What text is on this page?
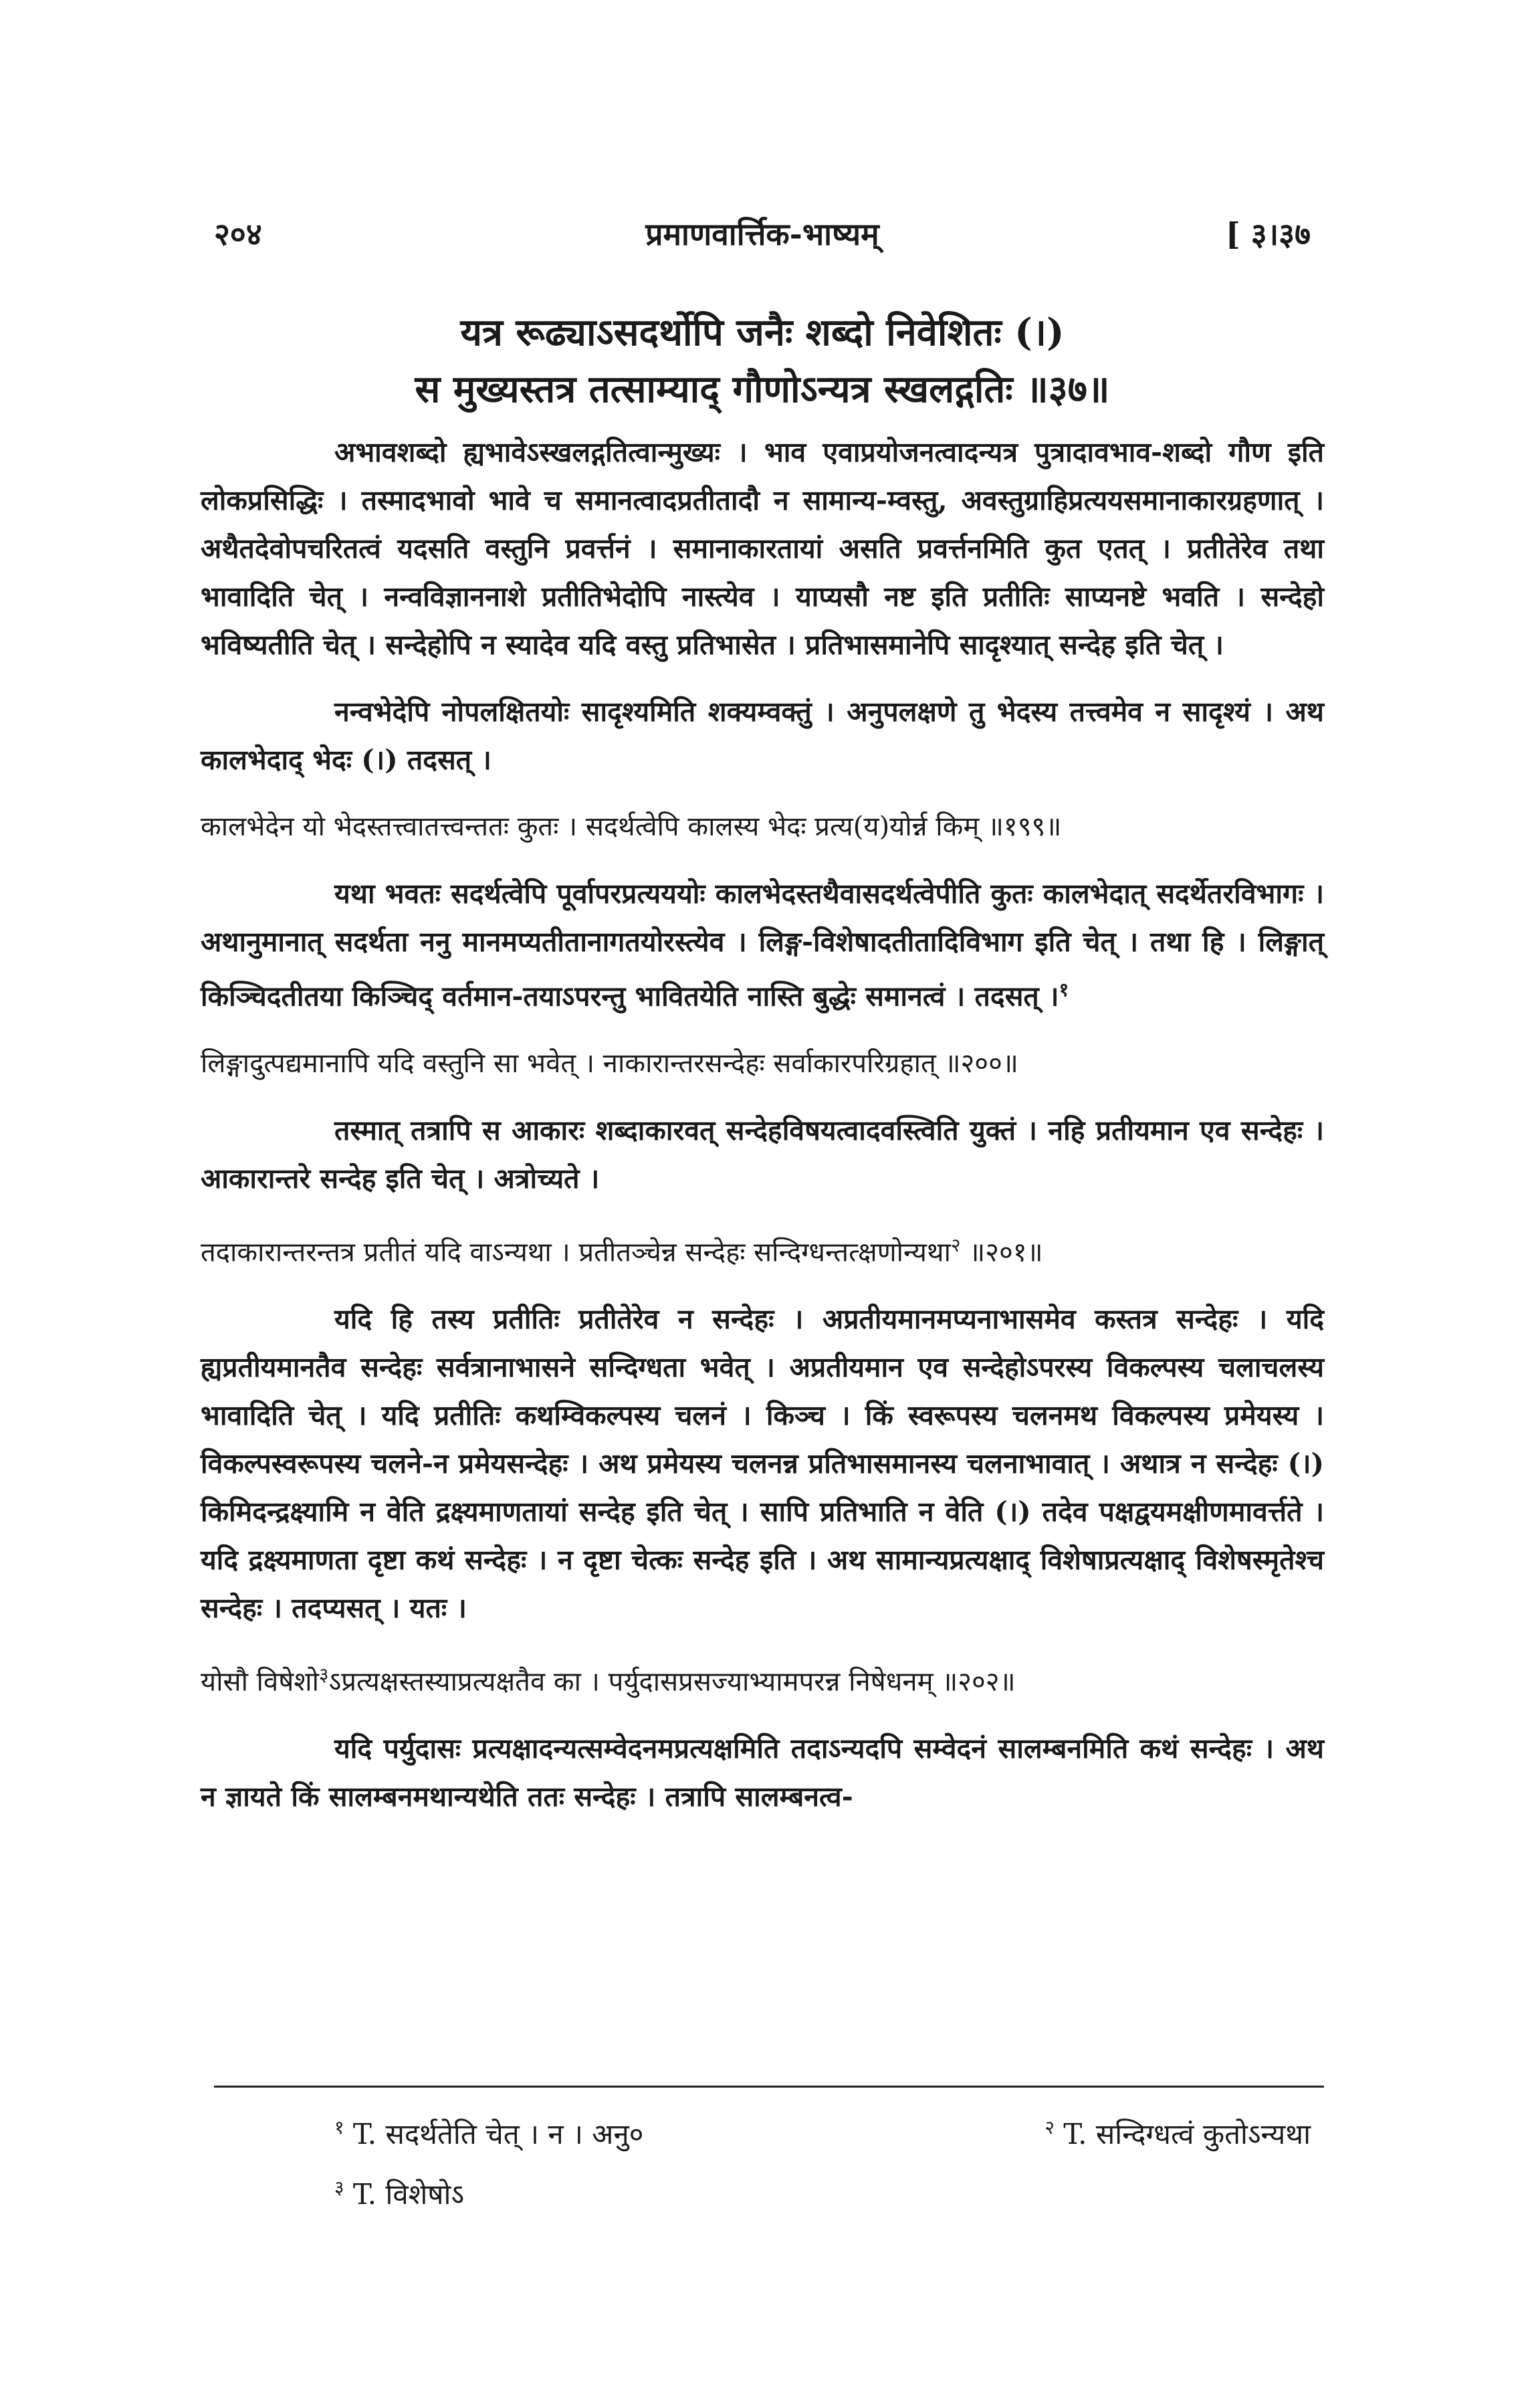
२०४	प्रमाणवार्त्तिक-भाष्यम्	[ ३।३७
यत्र रूढ्याऽसदर्थोपि जनैः शब्दो निवेशितः (।)
स मुख्यस्तत्र तत्साम्याद् गौणोऽन्यत्र स्खलद्गतिः ॥३७॥

अभावशब्दो ह्यभावेऽस्खलद्गतित्वान्मुख्यः । भाव एवाप्रयोजनत्वादन्यत्र पुत्रादावभाव-शब्दो गौण इति लोकप्रसिद्धिः । तस्मादभावो भावे च समानत्वादप्रतीतादौ न सामान्य-म्वस्तु, अवस्तुग्राहिप्रत्ययसमानाकारग्रहणात् । अथैतदेवोपचरितत्वं यदसति वस्तुनि प्रवर्त्तनं । समानाकारतायां असति प्रवर्त्तनमिति कुत एतत् । प्रतीतेरेव तथा भावादिति चेत् । नन्वविज्ञाननाशे प्रतीतिभेदोपि नास्त्येव । याप्यसौ नष्ट इति प्रतीतिः साप्यनष्टे भवति । सन्देहो भविष्यतीति चेत् । सन्देहोपि न स्यादेव यदि वस्तु प्रतिभासेत । प्रतिभासमानेपि सादृश्यात् सन्देह इति चेत् ।

नन्वभेदेपि नोपलक्षितयोः सादृश्यमिति शक्यम्वक्तुं । अनुपलक्षणे तु भेदस्य तत्त्वमेव न सादृश्यं । अथ कालभेदाद् भेदः (।) तदसत् ।

कालभेदेन यो भेदस्तत्त्वातत्त्वन्ततः कुतः । सदर्थत्वेपि कालस्य भेदः प्रत्य(य)योर्न्न किम् ॥१९९॥

यथा भवतः सदर्थत्वेपि पूर्वापरप्रत्यययोः कालभेदस्तथैवासदर्थत्वेपीति कुतः कालभेदात् सदर्थेतरविभागः । अथानुमानात् सदर्थता ननु मानमप्यतीतानागतयोरस्त्येव । लिङ्ग-विशेषादतीतादिविभाग इति चेत् । तथा हि । लिङ्गात् किञ्चिदतीतया किञ्चिद् वर्तमान-तयाऽपरन्तु भावितयेति नास्ति बुद्धेः समानत्वं । तदसत् ।$^१$

लिङ्गादुत्पद्यमानापि यदि वस्तुनि सा भवेत् । नाकारान्तरसन्देहः सर्वाकारपरिग्रहात् ॥२००॥

तस्मात् तत्रापि स आकारः शब्दाकारवत् सन्देहविषयत्वादवस्त्विति युक्तं । नहि प्रतीयमान एव सन्देहः । आकारान्तरे सन्देह इति चेत् । अत्रोच्यते ।

तदाकारान्तरन्तत्र प्रतीतं यदि वाऽन्यथा । प्रतीतञ्चेन्न सन्देहः सन्दिग्धन्तत्क्षणोन्यथा$^२$ ॥२०१॥

यदि हि तस्य प्रतीतिः प्रतीतेरेव न सन्देहः । अप्रतीयमानमप्यनाभासमेव कस्तत्र सन्देहः । यदि ह्यप्रतीयमानतैव सन्देहः सर्वत्रानाभासने सन्दिग्धता भवेत् । अप्रतीयमान एव सन्देहोऽपरस्य विकल्पस्य चलाचलस्य भावादिति चेत् । यदि प्रतीतिः कथम्विकल्पस्य चलनं । किञ्च । किं स्वरूपस्य चलनमथ विकल्पस्य प्रमेयस्य । विकल्पस्वरूपस्य चलने-न प्रमेयसन्देहः । अथ प्रमेयस्य चलनन्न प्रतिभासमानस्य चलनाभावात् । अथात्र न सन्देहः (।) किमिदन्द्रक्ष्यामि न वेति द्रक्ष्यमाणतायां सन्देह इति चेत् । सापि प्रतिभाति न वेति (।) तदेव पक्षद्वयमक्षीणमावर्त्तते । यदि द्रक्ष्यमाणता दृष्टा कथं सन्देहः । न दृष्टा चेत्कः सन्देह इति । अथ सामान्यप्रत्यक्षाद् विशेषाप्रत्यक्षाद् विशेषस्मृतेश्च सन्देहः । तदप्यसत् । यतः ।

योसौ विषेशो$^३$ऽप्रत्यक्षस्तस्याप्रत्यक्षतैव का । पर्युदासप्रसज्याभ्यामपरन्न निषेधनम् ॥२०२॥

यदि पर्युदासः प्रत्यक्षादन्यत्सम्वेदनमप्रत्यक्षमिति तदाऽन्यदपि सम्वेदनं सालम्बनमिति कथं सन्देहः । अथ न ज्ञायते किं सालम्बनमथान्यथेति ततः सन्देहः । तत्रापि सालम्बनत्व-

$^१$ T. सदर्थतेति चेत् । न । अनु०	$^२$ T. सन्दिग्धत्वं कुतोऽन्यथा
$^३$ T. विशेषोऽ
